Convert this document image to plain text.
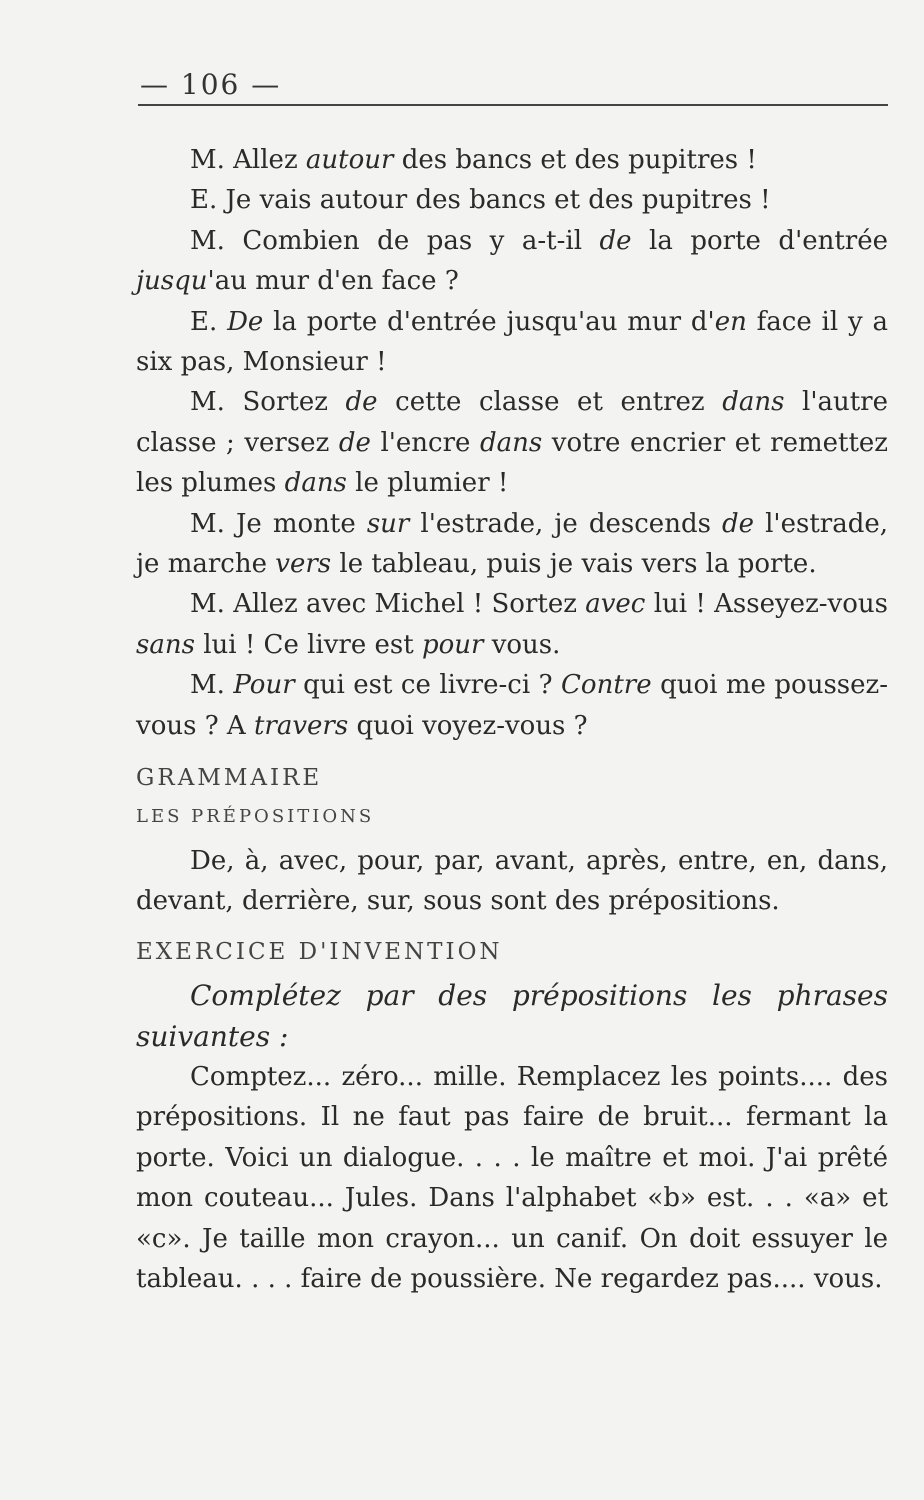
— 106 —

M. Allez autour des bancs et des pupitres !

E. Je vais autour des bancs et des pupitres !

M. Combien de pas y a-t-il de la porte d'entrée jusqu'au mur d'en face ?

E. De la porte d'entrée jusqu'au mur d'en face il y a six pas, Monsieur !

M. Sortez de cette classe et entrez dans l'autre classe ; versez de l'encre dans votre encrier et remettez les plumes dans le plumier !

M. Je monte sur l'estrade, je descends de l'estrade, je marche vers le tableau, puis je vais vers la porte.

M. Allez avec Michel ! Sortez avec lui ! Asseyez-vous sans lui ! Ce livre est pour vous.

M. Pour qui est ce livre-ci ? Contre quoi me poussez-vous ? A travers quoi voyez-vous ?

GRAMMAIRE

LES PRÉPOSITIONS

De, à, avec, pour, par, avant, après, entre, en, dans, devant, derrière, sur, sous sont des prépositions.

EXERCICE D'INVENTION

Complétez par des prépositions les phrases suivantes :

Comptez... zéro... mille. Remplacez les points.... des prépositions. Il ne faut pas faire de bruit... fermant la porte. Voici un dialogue. . . . le maître et moi. J'ai prêté mon couteau... Jules. Dans l'alphabet «b» est. . . «a» et «c». Je taille mon crayon... un canif. On doit essuyer le tableau. . . . faire de poussière. Ne regardez pas.... vous.
